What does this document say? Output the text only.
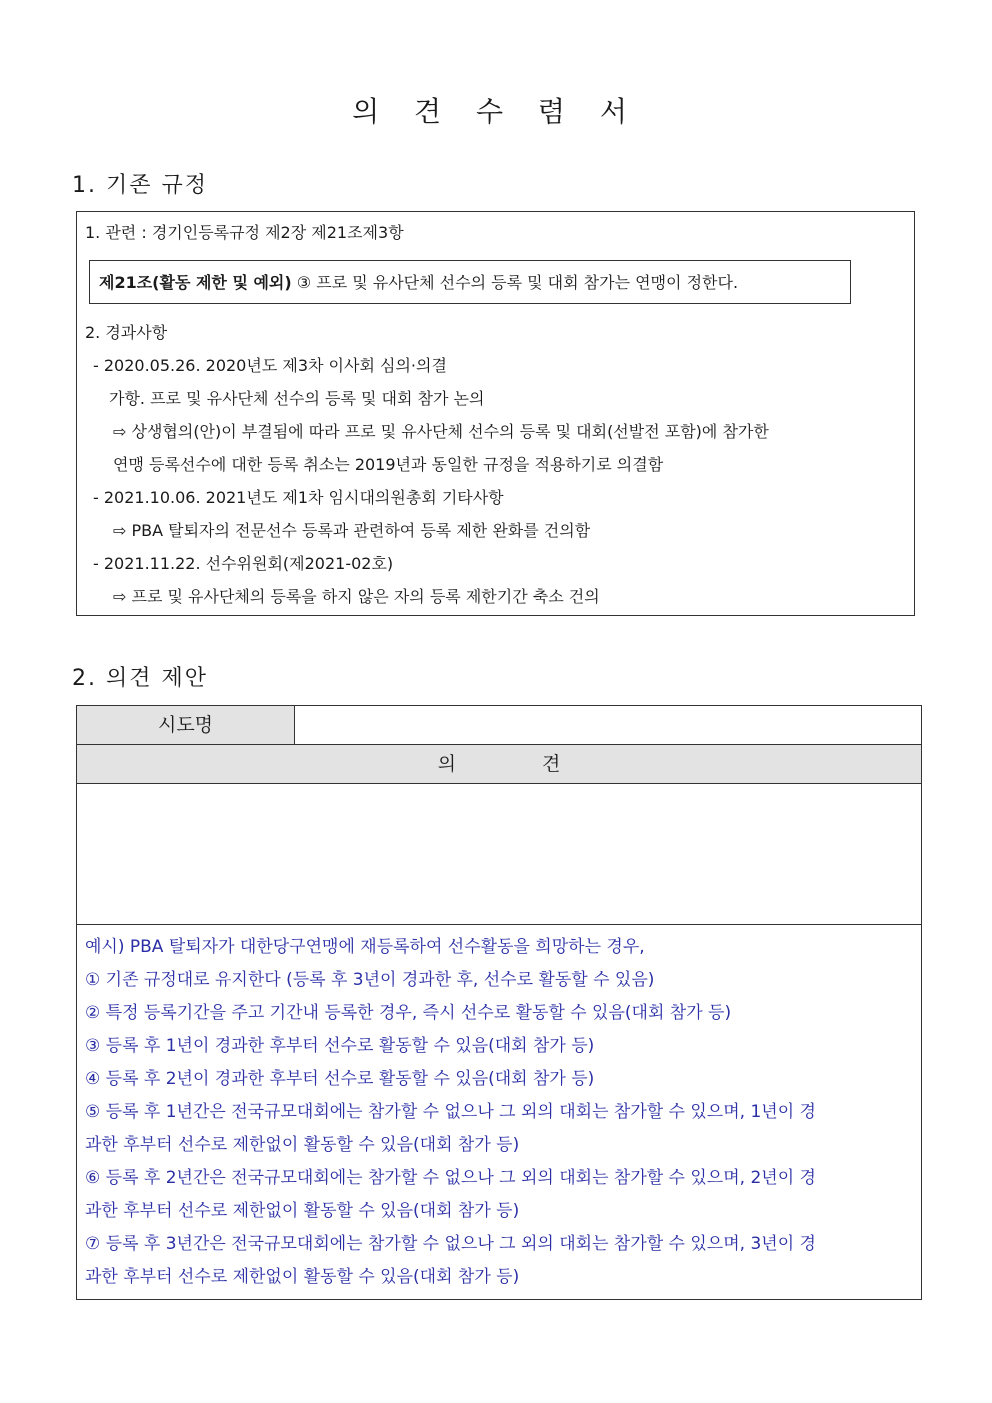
의 견 수 렴 서
1. 기존 규정
1. 관련 : 경기인등록규정 제2장 제21조제3항
제21조(활동 제한 및 예외) ③ 프로 및 유사단체 선수의 등록 및 대회 참가는 연맹이 정한다.
2. 경과사항
- 2020.05.26. 2020년도 제3차 이사회 심의·의결
가항. 프로 및 유사단체 선수의 등록 및 대회 참가 논의
⇨ 상생협의(안)이 부결됨에 따라 프로 및 유사단체 선수의 등록 및 대회(선발전 포함)에 참가한
연맹 등록선수에 대한 등록 취소는 2019년과 동일한 규정을 적용하기로 의결함
- 2021.10.06. 2021년도 제1차 임시대의원총회 기타사항
⇨ PBA 탈퇴자의 전문선수 등록과 관련하여 등록 제한 완화를 건의함
- 2021.11.22. 선수위원회(제2021-02호)
⇨ 프로 및 유사단체의 등록을 하지 않은 자의 등록 제한기간 축소 건의
2. 의견 제안
시도명
의 견
예시) PBA 탈퇴자가 대한당구연맹에 재등록하여 선수활동을 희망하는 경우,
① 기존 규정대로 유지한다 (등록 후 3년이 경과한 후, 선수로 활동할 수 있음)
② 특정 등록기간을 주고 기간내 등록한 경우, 즉시 선수로 활동할 수 있음(대회 참가 등)
③ 등록 후 1년이 경과한 후부터 선수로 활동할 수 있음(대회 참가 등)
④ 등록 후 2년이 경과한 후부터 선수로 활동할 수 있음(대회 참가 등)
⑤ 등록 후 1년간은 전국규모대회에는 참가할 수 없으나 그 외의 대회는 참가할 수 있으며, 1년이 경
과한 후부터 선수로 제한없이 활동할 수 있음(대회 참가 등)
⑥ 등록 후 2년간은 전국규모대회에는 참가할 수 없으나 그 외의 대회는 참가할 수 있으며, 2년이 경
과한 후부터 선수로 제한없이 활동할 수 있음(대회 참가 등)
⑦ 등록 후 3년간은 전국규모대회에는 참가할 수 없으나 그 외의 대회는 참가할 수 있으며, 3년이 경
과한 후부터 선수로 제한없이 활동할 수 있음(대회 참가 등)
